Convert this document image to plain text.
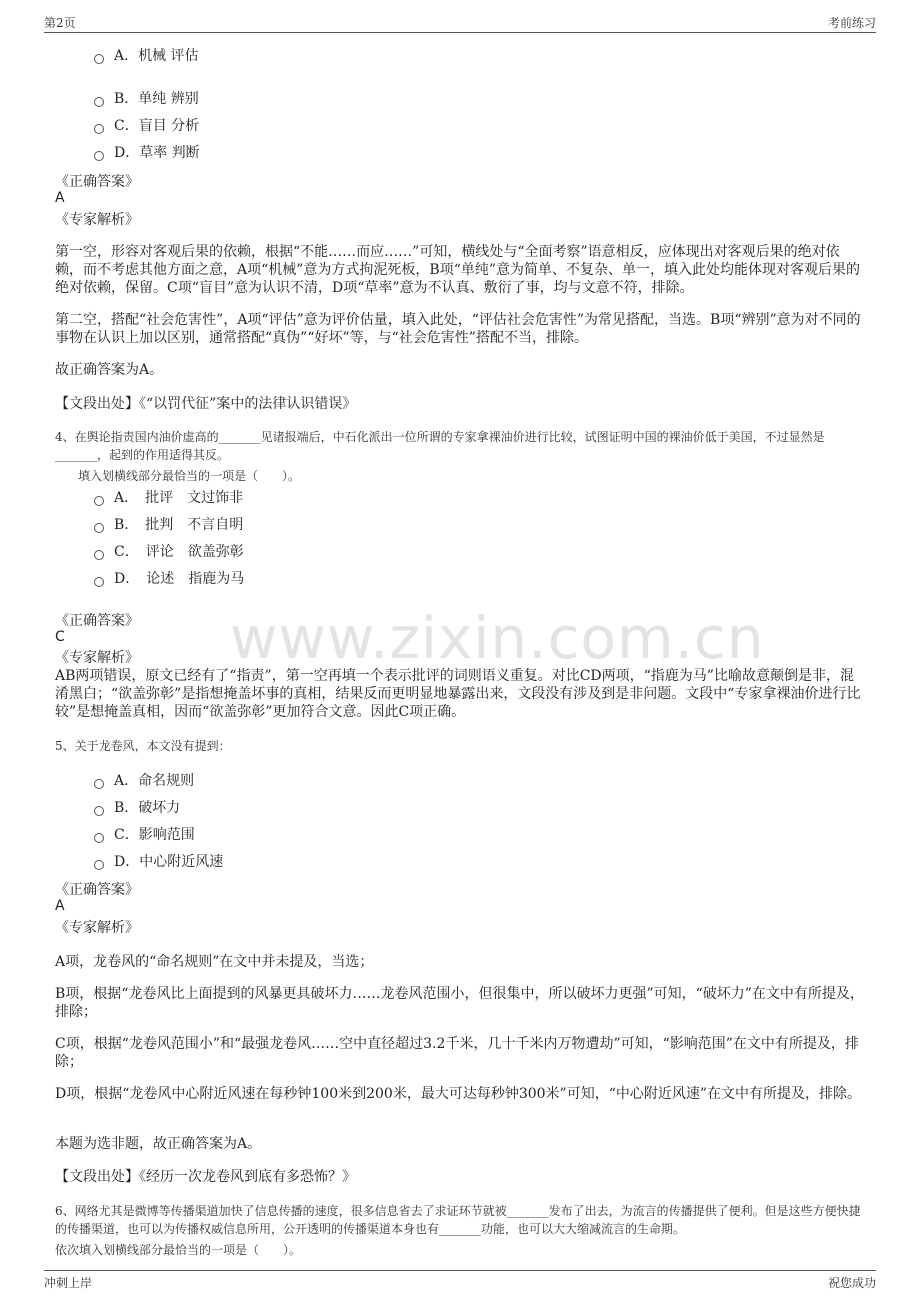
第2页	考前练习
www.zixin.com.cn
A．机械 评估
B．单纯 辨别
C．盲目 分析
D．草率 判断
《正确答案》
A
《专家解析》
第一空，形容对客观后果的依赖，根据“不能……而应……”可知，横线处与“全面考察”语意相反，应体现出对客观后果的绝对依赖，而不考虑其他方面之意，A项“机械”意为方式拘泥死板，B项“单纯”意为简单、不复杂、单一，填入此处均能体现对客观后果的绝对依赖，保留。C项“盲目”意为认识不清，D项“草率”意为不认真、敷衍了事，均与文意不符，排除。
第二空，搭配“社会危害性”，A项“评估”意为评价估量，填入此处，“评估社会危害性”为常见搭配，当选。B项“辨别”意为对不同的事物在认识上加以区别，通常搭配“真伪”“好坏”等，与“社会危害性”搭配不当，排除。
故正确答案为A。
【文段出处】《“以罚代征”案中的法律认识错误》
4、在舆论指责国内油价虚高的_______见诸报端后，中石化派出一位所谓的专家拿裸油价进行比较，试图证明中国的裸油价低于美国，不过显然是_______，起到的作用适得其反。
填入划横线部分最恰当的一项是（　　）。
A．　批评　文过饰非
B．　批判　不言自明
C．　评论　欲盖弥彰
D．　论述　指鹿为马
《正确答案》
C
《专家解析》
AB两项错误，原文已经有了“指责”，第一空再填一个表示批评的词则语义重复。对比CD两项，“指鹿为马”比喻故意颠倒是非，混淆黑白；“欲盖弥彰”是指想掩盖坏事的真相，结果反而更明显地暴露出来，文段没有涉及到是非问题。文段中“专家拿裸油价进行比较”是想掩盖真相，因而“欲盖弥彰”更加符合文意。因此C项正确。
5、关于龙卷风，本文没有提到：
A．命名规则
B．破坏力
C．影响范围
D．中心附近风速
《正确答案》
A
《专家解析》
A项，龙卷风的“命名规则”在文中并未提及，当选；
B项，根据“龙卷风比上面提到的风暴更具破坏力……龙卷风范围小，但很集中，所以破坏力更强”可知，“破坏力”在文中有所提及，排除；
C项，根据“龙卷风范围小”和“最强龙卷风……空中直径超过3.2千米，几十千米内万物遭劫”可知，“影响范围”在文中有所提及，排除；
D项，根据“龙卷风中心附近风速在每秒钟100米到200米，最大可达每秒钟300米”可知，“中心附近风速”在文中有所提及，排除。
本题为选非题，故正确答案为A。
【文段出处】《经历一次龙卷风到底有多恐怖？》
6、网络尤其是微博等传播渠道加快了信息传播的速度，很多信息省去了求证环节就被_______发布了出去，为流言的传播提供了便利。但是这些方便快捷的传播渠道，也可以为传播权威信息所用，公开透明的传播渠道本身也有_______功能，也可以大大缩减流言的生命期。
依次填入划横线部分最恰当的一项是（　　）。
冲刺上岸	祝您成功
